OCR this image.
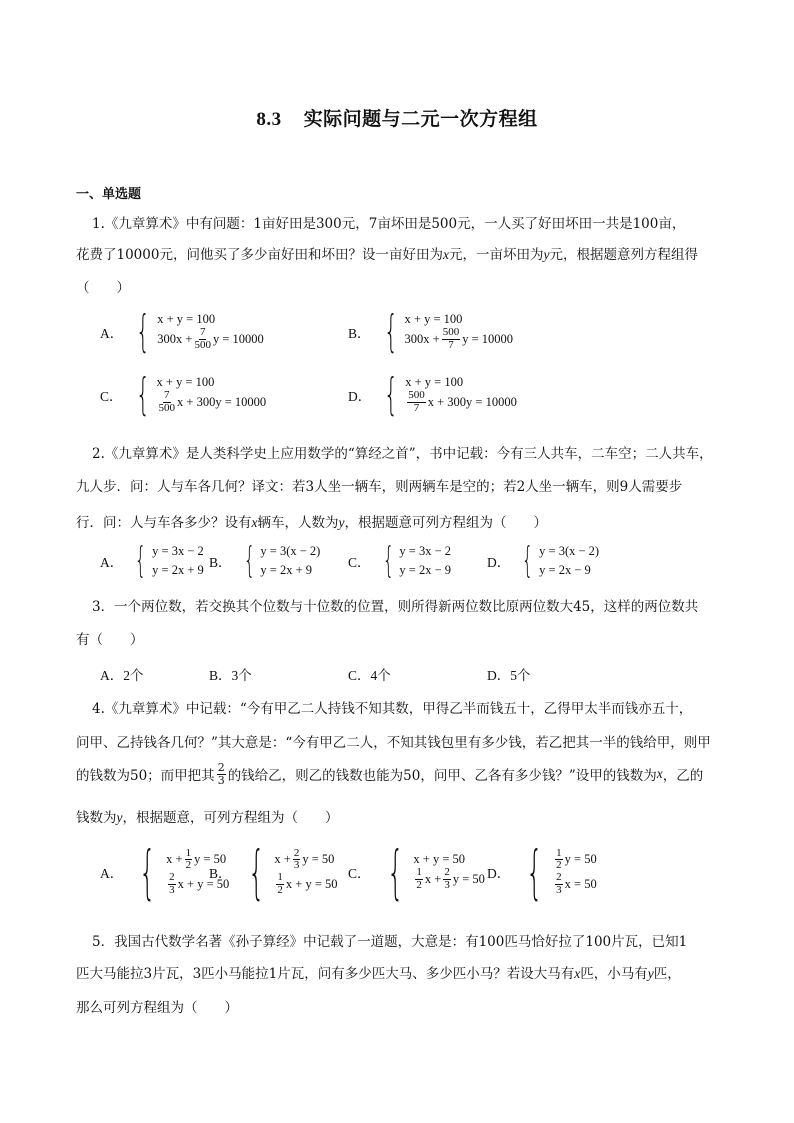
8.3 实际问题与二元一次方程组
一、单选题
1.《九章算术》中有问题：1亩好田是300元，7亩坏田是500元，一人买了好田坏田一共是100亩，
花费了10000元，问他买了多少亩好田和坏田？设一亩好田为x元，一亩坏田为y元，根据题意列方程组得
（　　）
A． { x + y = 100
$300x + \frac{7}{500}$ y = 10000	B． { x + y = 100
$300x + \frac{500}{7}$ y = 10000
C． { x + y = 100
$\frac{7}{500}$ x + 300y = 10000	D． { x + y = 100
$\frac{500}{7}$ x + 300y = 10000
2.《九章算术》是人类科学史上应用数学的“算经之首”，书中记载：今有三人共车，二车空；二人共车，
九人步．问：人与车各几何？译文：若3人坐一辆车，则两辆车是空的；若2人坐一辆车，则9人需要步
行．问：人与车各多少？设有x辆车，人数为y，根据题意可列方程组为（　　）
A． { y = 3x − 2
y = 2x + 9 B． { y = 3(x − 2)
y = 2x + 9	C． { y = 3x − 2
y = 2x − 9	D． { y = 3(x − 2)
y = 2x − 9
3．一个两位数，若交换其个位数与十位数的位置，则所得新两位数比原两位数大45，这样的两位数共
有（　　）
A．2个	B．3个	C．4个	D．5个
4.《九章算术》中记载：“今有甲乙二人持钱不知其数，甲得乙半而钱五十，乙得甲太半而钱亦五十，
问甲、乙持钱各几何？”其大意是：“今有甲乙二人，不知其钱包里有多少钱，若乙把其一半的钱给甲，则甲
的钱数为50；而甲把其 $\frac{2}{3}$ 的钱给乙，则乙的钱数也能为50，问甲、乙各有多少钱？”设甲的钱数为 x ，乙的
钱数为y，根据题意，可列方程组为（　　）
A． { $x + \frac{1}{2}$ y = 50
$\frac{2}{3}$ x + y = 50
B． { $x + \frac{2}{3}$ y = 50
$\frac{1}{2}$ x + y = 50
C． { x + y = 50
$\frac{1}{2}$ $x + \frac{2}{3}$ y = 50 D． { $\frac{1}{2}$ y = 50
$\frac{2}{3}$ x = 50
5．我国古代数学名著《孙子算经》中记载了一道题，大意是：有100匹马恰好拉了100片瓦，已知1
匹大马能拉3片瓦，3匹小马能拉1片瓦，问有多少匹大马、多少匹小马？若设大马有x匹，小马有y匹，
那么可列方程组为（　　）
